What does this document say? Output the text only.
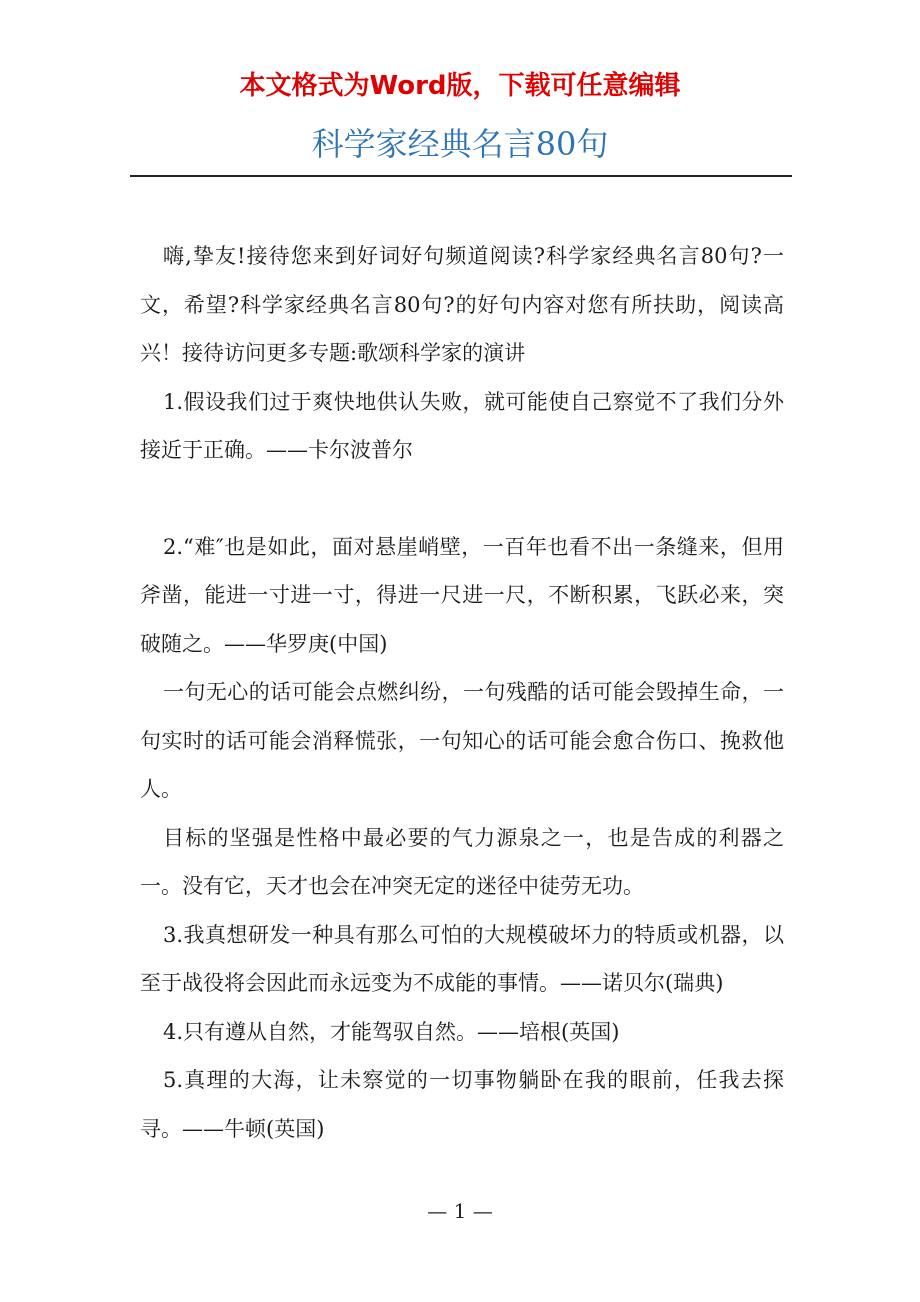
本文格式为Word版，下载可任意编辑
科学家经典名言80句

嗨,挚友!接待您来到好词好句频道阅读?科学家经典名言80句?一文，希望?科学家经典名言80句?的好句内容对您有所扶助，阅读高兴！接待访问更多专题:歌颂科学家的演讲

1.假设我们过于爽快地供认失败，就可能使自己察觉不了我们分外接近于正确。——卡尔波普尔

2.“难″也是如此，面对悬崖峭壁，一百年也看不出一条缝来，但用斧凿，能进一寸进一寸，得进一尺进一尺，不断积累，飞跃必来，突破随之。——华罗庚(中国)

一句无心的话可能会点燃纠纷，一句残酷的话可能会毁掉生命，一句实时的话可能会消释慌张，一句知心的话可能会愈合伤口、挽救他人。

目标的坚强是性格中最必要的气力源泉之一，也是告成的利器之一。没有它，天才也会在冲突无定的迷径中徒劳无功。

3.我真想研发一种具有那么可怕的大规模破坏力的特质或机器，以至于战役将会因此而永远变为不成能的事情。——诺贝尔(瑞典)

4.只有遵从自然，才能驾驭自然。——培根(英国)

5.真理的大海，让未察觉的一切事物躺卧在我的眼前，任我去探寻。——牛顿(英国)

— 1 —
